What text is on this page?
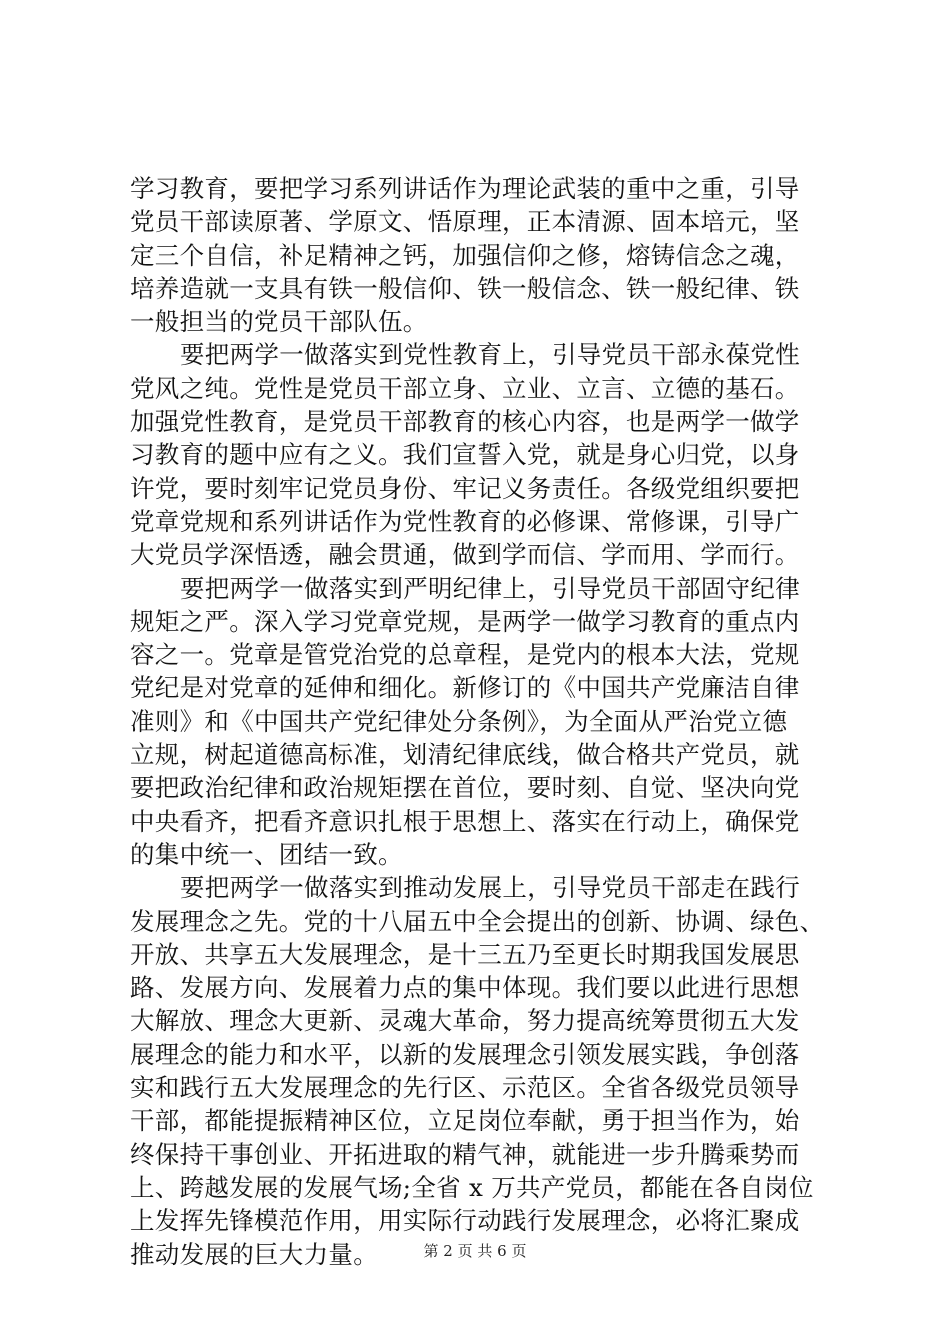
学习教育，要把学习系列讲话作为理论武装的重中之重，引导
党员干部读原著、学原文、悟原理，正本清源、固本培元，坚
定三个自信，补足精神之钙，加强信仰之修，熔铸信念之魂，
培养造就一支具有铁一般信仰、铁一般信念、铁一般纪律、铁
一般担当的党员干部队伍。
要把两学一做落实到党性教育上，引导党员干部永葆党性
党风之纯。党性是党员干部立身、立业、立言、立德的基石。
加强党性教育，是党员干部教育的核心内容，也是两学一做学
习教育的题中应有之义。我们宣誓入党，就是身心归党，以身
许党，要时刻牢记党员身份、牢记义务责任。各级党组织要把
党章党规和系列讲话作为党性教育的必修课、常修课，引导广
大党员学深悟透，融会贯通，做到学而信、学而用、学而行。
要把两学一做落实到严明纪律上，引导党员干部固守纪律
规矩之严。深入学习党章党规，是两学一做学习教育的重点内
容之一。党章是管党治党的总章程，是党内的根本大法，党规
党纪是对党章的延伸和细化。新修订的《中国共产党廉洁自律
准则》和《中国共产党纪律处分条例》，为全面从严治党立德
立规，树起道德高标准，划清纪律底线，做合格共产党员，就
要把政治纪律和政治规矩摆在首位，要时刻、自觉、坚决向党
中央看齐，把看齐意识扎根于思想上、落实在行动上，确保党
的集中统一、团结一致。
要把两学一做落实到推动发展上，引导党员干部走在践行
发展理念之先。党的十八届五中全会提出的创新、协调、绿色、
开放、共享五大发展理念，是十三五乃至更长时期我国发展思
路、发展方向、发展着力点的集中体现。我们要以此进行思想
大解放、理念大更新、灵魂大革命，努力提高统筹贯彻五大发
展理念的能力和水平，以新的发展理念引领发展实践，争创落
实和践行五大发展理念的先行区、示范区。全省各级党员领导
干部，都能提振精神区位，立足岗位奉献，勇于担当作为，始
终保持干事创业、开拓进取的精气神，就能进一步升腾乘势而
上、跨越发展的发展气场;全省 x 万共产党员，都能在各自岗位
上发挥先锋模范作用，用实际行动践行发展理念，必将汇聚成
推动发展的巨大力量。	第 2 页 共 6 页
